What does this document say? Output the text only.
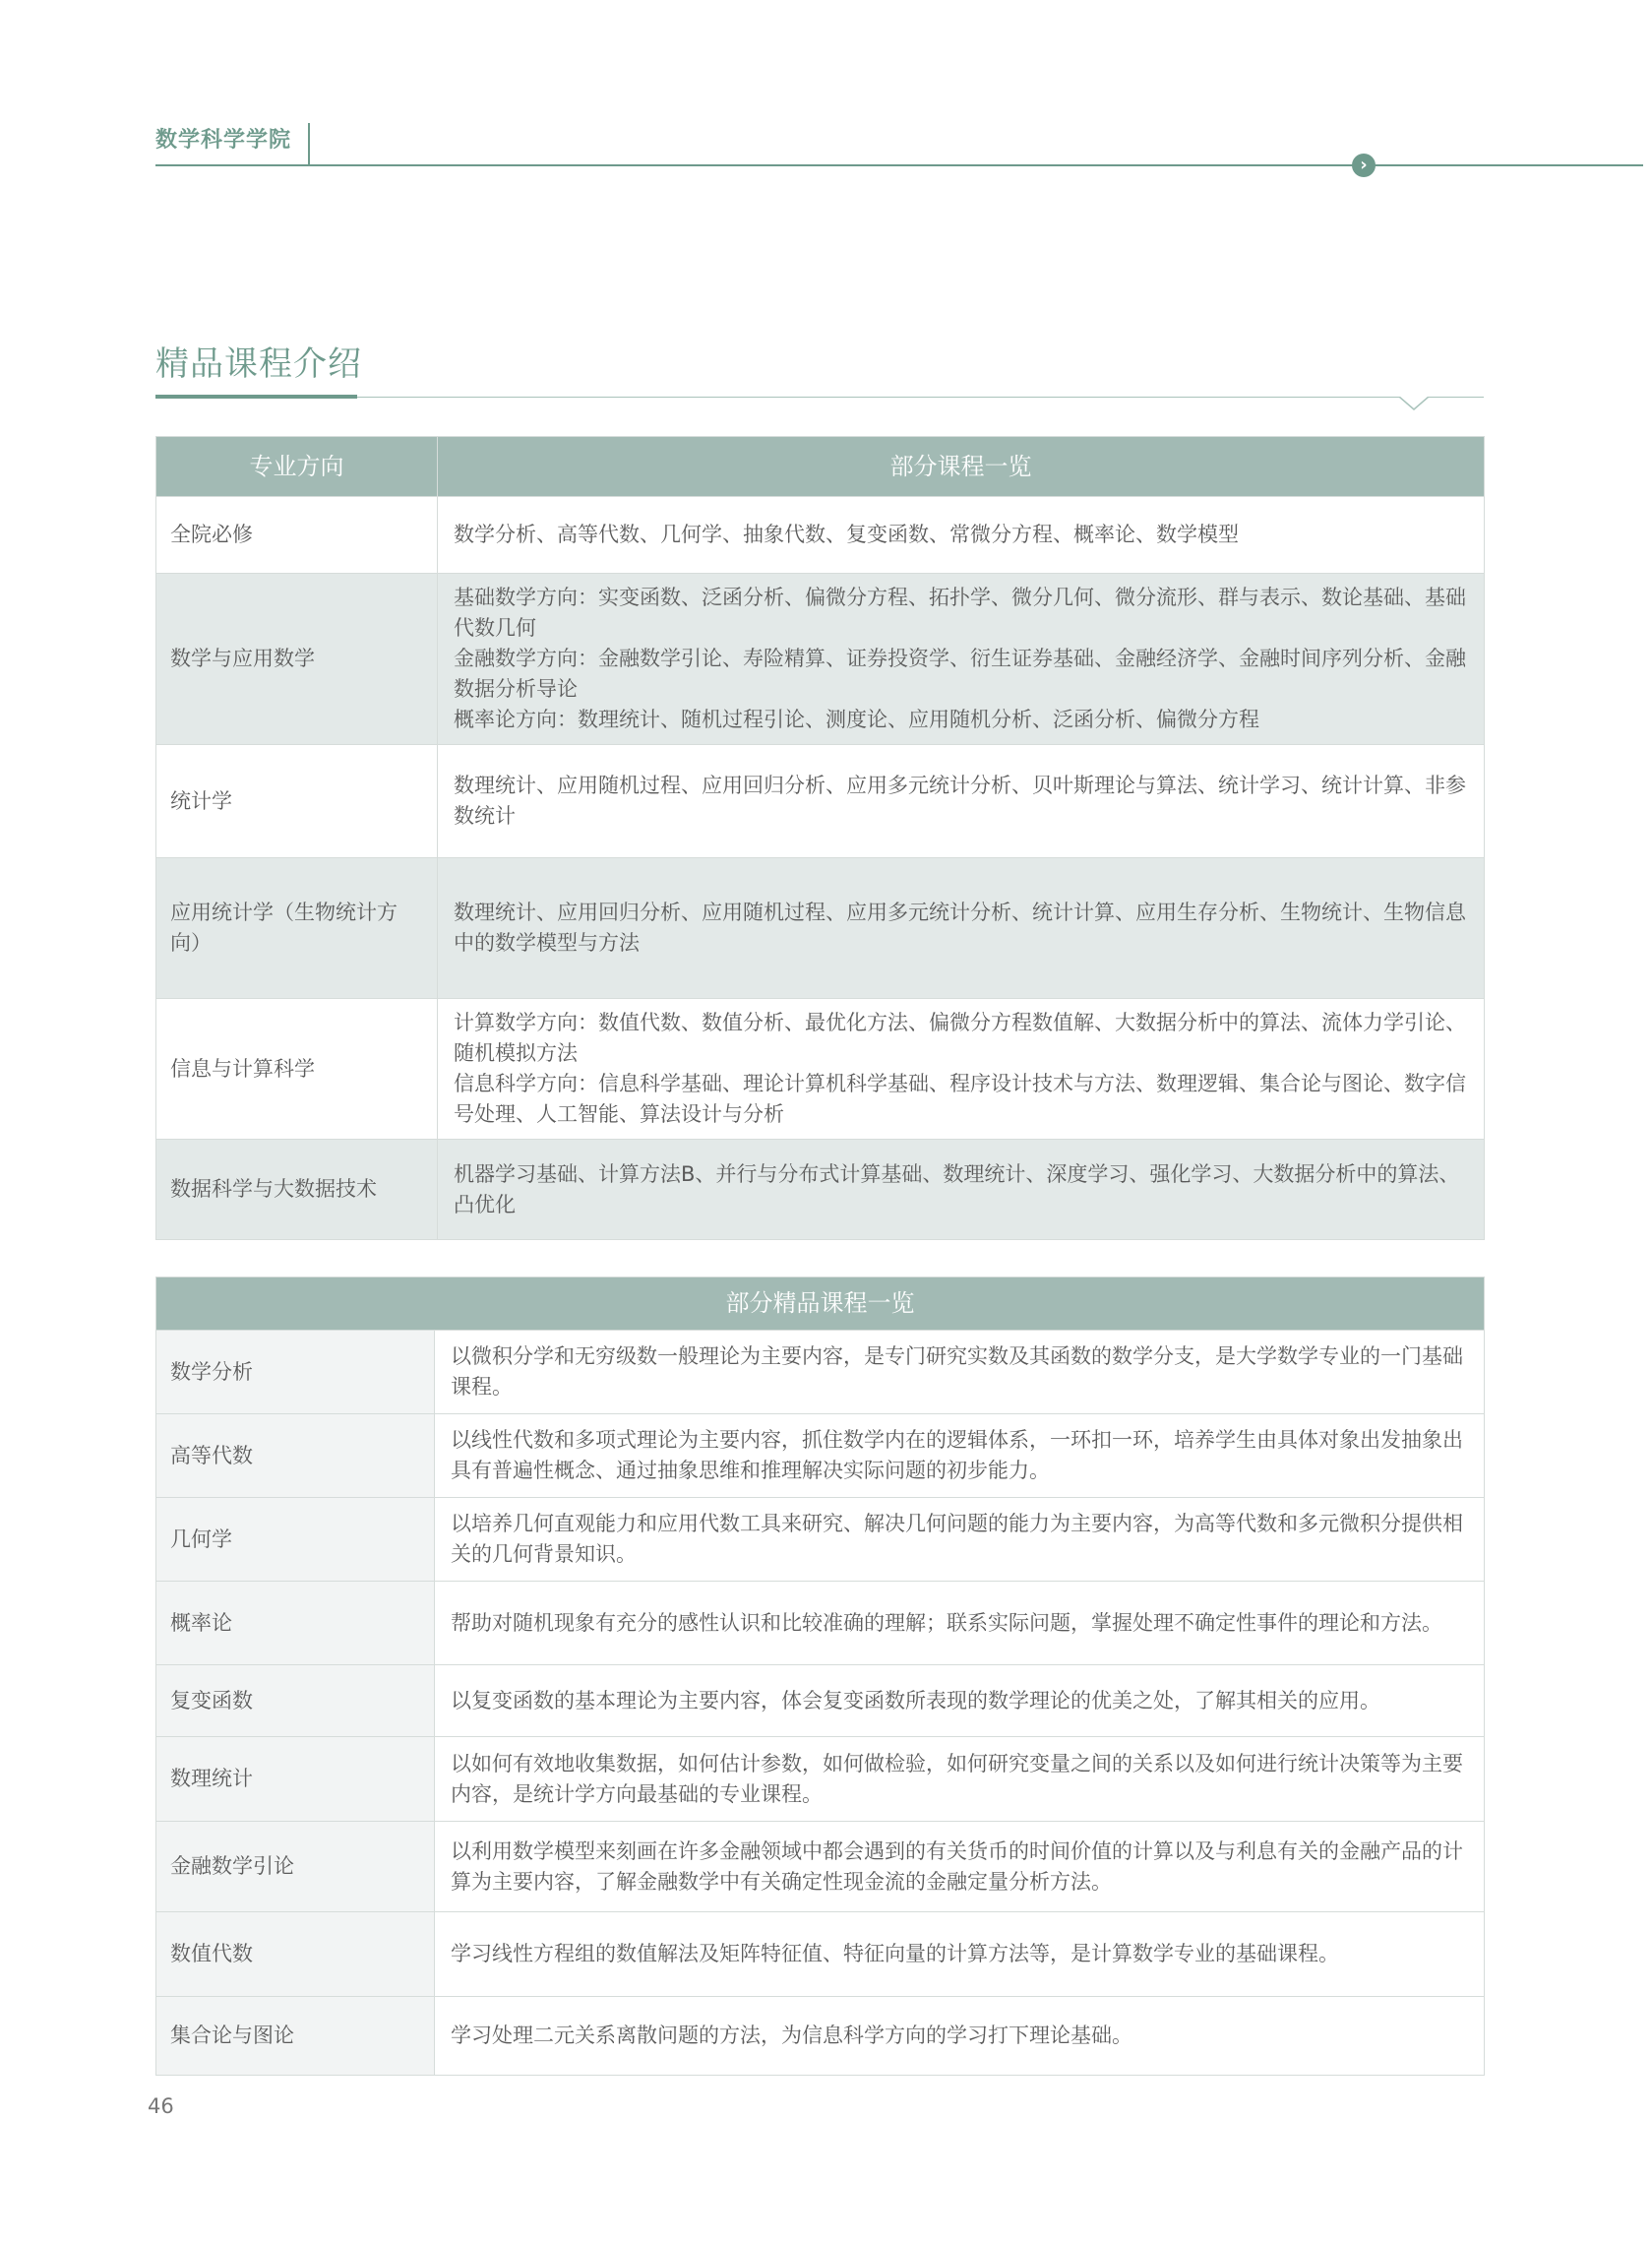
数学科学学院
›
精品课程介绍
专业方向	部分课程一览
全院必修	数学分析、高等代数、几何学、抽象代数、复变函数、常微分方程、概率论、数学模型

数学与应用数学	基础数学方向：实变函数、泛函分析、偏微分方程、拓扑学、微分几何、微分流形、群与表示、数论基础、基础代数几何
金融数学方向：金融数学引论、寿险精算、证券投资学、衍生证券基础、金融经济学、金融时间序列分析、金融数据分析导论
概率论方向：数理统计、随机过程引论、测度论、应用随机分析、泛函分析、偏微分方程

统计学	数理统计、应用随机过程、应用回归分析、应用多元统计分析、贝叶斯理论与算法、统计学习、统计计算、非参数统计

应用统计学（生物统计方向）	数理统计、应用回归分析、应用随机过程、应用多元统计分析、统计计算、应用生存分析、生物统计、生物信息中的数学模型与方法

信息与计算科学	计算数学方向：数值代数、数值分析、最优化方法、偏微分方程数值解、大数据分析中的算法、流体力学引论、随机模拟方法
信息科学方向：信息科学基础、理论计算机科学基础、程序设计技术与方法、数理逻辑、集合论与图论、数字信号处理、人工智能、算法设计与分析

数据科学与大数据技术	机器学习基础、计算方法B、并行与分布式计算基础、数理统计、深度学习、强化学习、大数据分析中的算法、凸优化
部分精品课程一览	
数学分析	以微积分学和无穷级数一般理论为主要内容，是专门研究实数及其函数的数学分支，是大学数学专业的一门基础课程。
高等代数	以线性代数和多项式理论为主要内容，抓住数学内在的逻辑体系，一环扣一环，培养学生由具体对象出发抽象出具有普遍性概念、通过抽象思维和推理解决实际问题的初步能力。
几何学	以培养几何直观能力和应用代数工具来研究、解决几何问题的能力为主要内容，为高等代数和多元微积分提供相关的几何背景知识。
概率论	帮助对随机现象有充分的感性认识和比较准确的理解；联系实际问题，掌握处理不确定性事件的理论和方法。
复变函数	以复变函数的基本理论为主要内容，体会复变函数所表现的数学理论的优美之处，了解其相关的应用。
数理统计	以如何有效地收集数据，如何估计参数，如何做检验，如何研究变量之间的关系以及如何进行统计决策等为主要内容，是统计学方向最基础的专业课程。
金融数学引论	以利用数学模型来刻画在许多金融领域中都会遇到的有关货币的时间价值的计算以及与利息有关的金融产品的计算为主要内容，了解金融数学中有关确定性现金流的金融定量分析方法。
数值代数	学习线性方程组的数值解法及矩阵特征值、特征向量的计算方法等，是计算数学专业的基础课程。
集合论与图论	学习处理二元关系离散问题的方法，为信息科学方向的学习打下理论基础。
46
